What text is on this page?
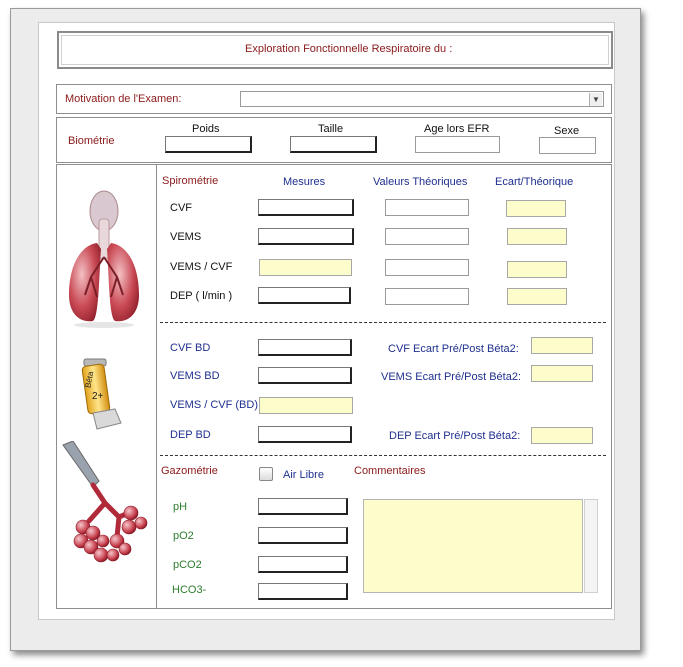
Exploration Fonctionnelle Respiratoire du :
Motivation de l'Examen:	▼
Biométrie
Poids	Taille	Age lors EFR	Sexe
Béta
2+
Spirométrie	Mesures	Valeurs Théoriques	Ecart/Théorique
CVF
VEMS
VEMS / CVF
DEP ( l/min )
CVF BD	CVF Ecart Pré/Post Béta2:
VEMS BD	VEMS Ecart Pré/Post Béta2:
VEMS / CVF (BD)
DEP BD	DEP Ecart Pré/Post Béta2:
Gazométrie	Air Libre	Commentaires
pH
pO2
pCO2
HCO3-
